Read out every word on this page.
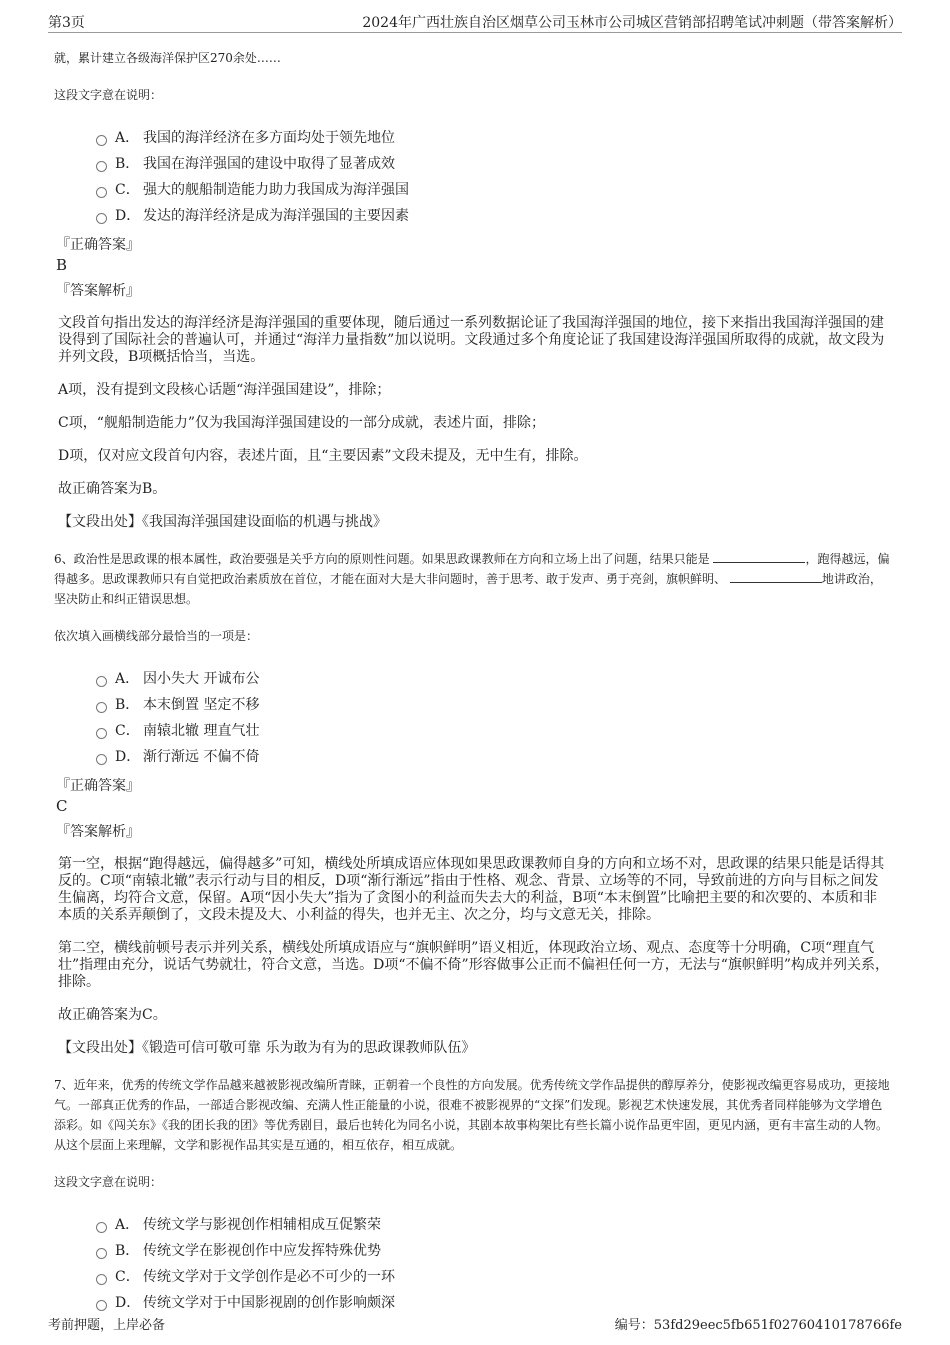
第3页	2024年广西壮族自治区烟草公司玉林市公司城区营销部招聘笔试冲刺题（带答案解析）

就，累计建立各级海洋保护区270余处……

这段文字意在说明：

A． 我国的海洋经济在多方面均处于领先地位
B． 我国在海洋强国的建设中取得了显著成效
C． 强大的舰船制造能力助力我国成为海洋强国
D． 发达的海洋经济是成为海洋强国的主要因素
『正确答案』
B
『答案解析』

文段首句指出发达的海洋经济是海洋强国的重要体现，随后通过一系列数据论证了我国海洋强国的地位，接下来指出我国海洋强国的建设得到了国际社会的普遍认可，并通过“海洋力量指数”加以说明。文段通过多个角度论证了我国建设海洋强国所取得的成就，故文段为并列文段，B项概括恰当，当选。

A项，没有提到文段核心话题“海洋强国建设”，排除；

C项，“舰船制造能力”仅为我国海洋强国建设的一部分成就，表述片面，排除；

D项，仅对应文段首句内容，表述片面，且“主要因素”文段未提及，无中生有，排除。

故正确答案为B。

【文段出处】《我国海洋强国建设面临的机遇与挑战》

6、政治性是思政课的根本属性，政治要强是关乎方向的原则性问题。如果思政课教师在方向和立场上出了问题，结果只能是	，跑得越远，偏得越多。思政课教师只有自觉把政治素质放在首位，才能在面对大是大非问题时，善于思考、敢于发声、勇于亮剑，旗帜鲜明、	地讲政治，坚决防止和纠正错误思想。

依次填入画横线部分最恰当的一项是：

A． 因小失大 开诚布公
B． 本末倒置 坚定不移
C． 南辕北辙 理直气壮
D． 渐行渐远 不偏不倚
『正确答案』
C
『答案解析』

第一空，根据“跑得越远，偏得越多”可知，横线处所填成语应体现如果思政课教师自身的方向和立场不对，思政课的结果只能是话得其反的。C项“南辕北辙”表示行动与目的相反，D项“渐行渐远”指由于性格、观念、背景、立场等的不同，导致前进的方向与目标之间发生偏离，均符合文意，保留。A项“因小失大”指为了贪图小的利益而失去大的利益，B项“本末倒置”比喻把主要的和次要的、本质和非本质的关系弄颠倒了，文段未提及大、小利益的得失，也并无主、次之分，均与文意无关，排除。

第二空，横线前顿号表示并列关系，横线处所填成语应与“旗帜鲜明”语义相近，体现政治立场、观点、态度等十分明确，C项“理直气壮”指理由充分，说话气势就壮，符合文意，当选。D项“不偏不倚”形容做事公正而不偏袒任何一方，无法与“旗帜鲜明”构成并列关系，排除。

故正确答案为C。

【文段出处】《锻造可信可敬可靠 乐为敢为有为的思政课教师队伍》

7、近年来，优秀的传统文学作品越来越被影视改编所青睐，正朝着一个良性的方向发展。优秀传统文学作品提供的醇厚养分，使影视改编更容易成功，更接地气。一部真正优秀的作品，一部适合影视改编、充满人性正能量的小说，很难不被影视界的“文探”们发现。影视艺术快速发展，其优秀者同样能够为文学增色添彩。如《闯关东》《我的团长我的团》等优秀剧目，最后也转化为同名小说，其剧本故事构架比有些长篇小说作品更牢固，更见内涵，更有丰富生动的人物。从这个层面上来理解，文学和影视作品其实是互通的，相互依存，相互成就。

这段文字意在说明：

A． 传统文学与影视创作相辅相成互促繁荣
B． 传统文学在影视创作中应发挥特殊优势
C． 传统文学对于文学创作是必不可少的一环
D． 传统文学对于中国影视剧的创作影响颇深
考前押题，上岸必备	编号：53fd29eec5fb651f02760410178766fe
